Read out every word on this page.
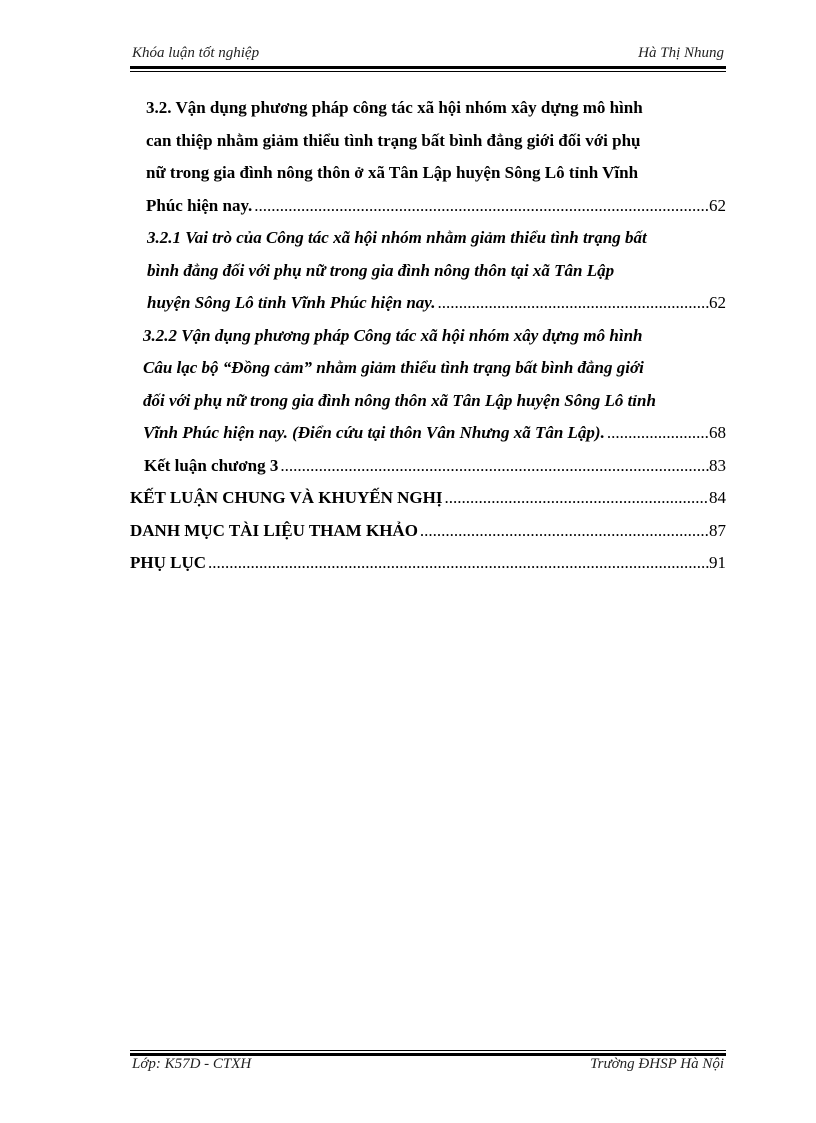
Khóa luận tốt nghiệp	Hà Thị Nhung
3.2. Vận dụng phương pháp công tác xã hội nhóm xây dựng mô hình
can thiệp nhằm giảm thiểu tình trạng bất bình đẳng giới đối với phụ
nữ trong gia đình nông thôn ở xã Tân Lập huyện Sông Lô tỉnh Vĩnh
Phúc hiện nay. .....	62
3.2.1 Vai trò của Công tác xã hội nhóm nhằm giảm thiểu tình trạng bất
bình đẳng đối với phụ nữ trong gia đình nông thôn tại xã Tân Lập
huyện Sông Lô tỉnh Vĩnh Phúc hiện nay. .....	62
3.2.2 Vận dụng phương pháp Công tác xã hội nhóm xây dựng mô hình
Câu lạc bộ “Đồng cảm” nhằm giảm thiểu tình trạng bất bình đẳng giới
đối với phụ nữ trong gia đình nông thôn xã Tân Lập huyện Sông Lô tỉnh
Vĩnh Phúc hiện nay. (Điển cứu tại thôn Vân Nhưng xã Tân Lập). .....	68
Kết luận chương 3 .....	83
KẾT LUẬN CHUNG VÀ KHUYẾN NGHỊ .....	84
DANH MỤC TÀI LIỆU THAM KHẢO .....	87
PHỤ LỤC .....	91
Lớp: K57D - CTXH	Trường ĐHSP Hà Nội
